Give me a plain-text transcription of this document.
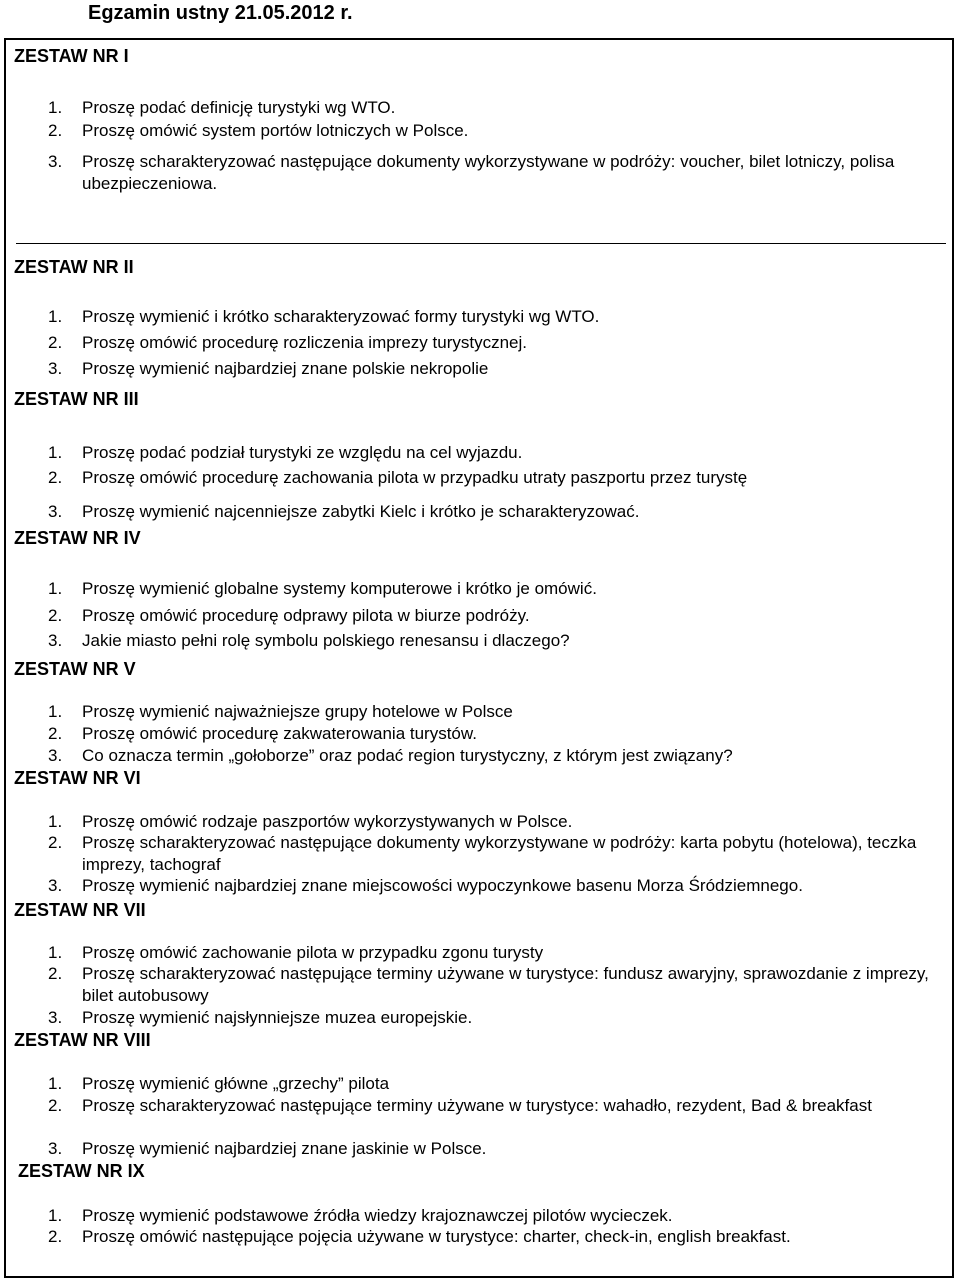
Egzamin ustny 21.05.2012 r.
ZESTAW NR I
1.	Proszę podać definicję turystyki wg WTO.
2.	Proszę omówić system portów lotniczych w Polsce.
3.	Proszę scharakteryzować następujące dokumenty wykorzystywane w podróży: voucher, bilet lotniczy, polisa ubezpieczeniowa.
ZESTAW NR II
1.	Proszę wymienić i krótko scharakteryzować formy turystyki wg WTO.
2.	Proszę omówić procedurę rozliczenia imprezy turystycznej.
3.	Proszę wymienić najbardziej znane polskie nekropolie
ZESTAW NR III
1.	Proszę podać podział turystyki ze względu na cel wyjazdu.
2.	Proszę omówić procedurę zachowania pilota w przypadku utraty paszportu przez turystę
3.	Proszę wymienić najcenniejsze zabytki Kielc i krótko je scharakteryzować.
ZESTAW NR IV
1.	Proszę wymienić globalne systemy komputerowe i krótko je omówić.
2.	Proszę omówić procedurę odprawy pilota w biurze podróży.
3.	Jakie miasto pełni rolę symbolu polskiego renesansu i dlaczego?
ZESTAW NR V
1.	Proszę wymienić najważniejsze grupy hotelowe w Polsce
2.	Proszę omówić procedurę zakwaterowania turystów.
3.	Co oznacza termin „gołoborze” oraz podać region turystyczny, z którym jest związany?
ZESTAW NR VI
1.	Proszę omówić rodzaje paszportów wykorzystywanych w Polsce.
2.	Proszę scharakteryzować następujące dokumenty wykorzystywane w podróży: karta pobytu (hotelowa), teczka imprezy, tachograf
3.	Proszę wymienić najbardziej znane miejscowości wypoczynkowe basenu Morza Śródziemnego.
ZESTAW NR VII
1.	Proszę omówić zachowanie pilota w przypadku zgonu turysty
2.	Proszę scharakteryzować następujące terminy używane w turystyce: fundusz awaryjny, sprawozdanie z imprezy, bilet autobusowy
3.	Proszę wymienić najsłynniejsze muzea europejskie.
ZESTAW NR VIII
1.	Proszę wymienić główne „grzechy” pilota
2.	Proszę scharakteryzować następujące terminy używane w turystyce: wahadło, rezydent, Bad & breakfast
3.	Proszę wymienić najbardziej znane jaskinie w Polsce.
ZESTAW NR IX
1.	Proszę wymienić podstawowe źródła wiedzy krajoznawczej pilotów wycieczek.
2.	Proszę omówić następujące pojęcia używane w turystyce: charter, check-in, english breakfast.
